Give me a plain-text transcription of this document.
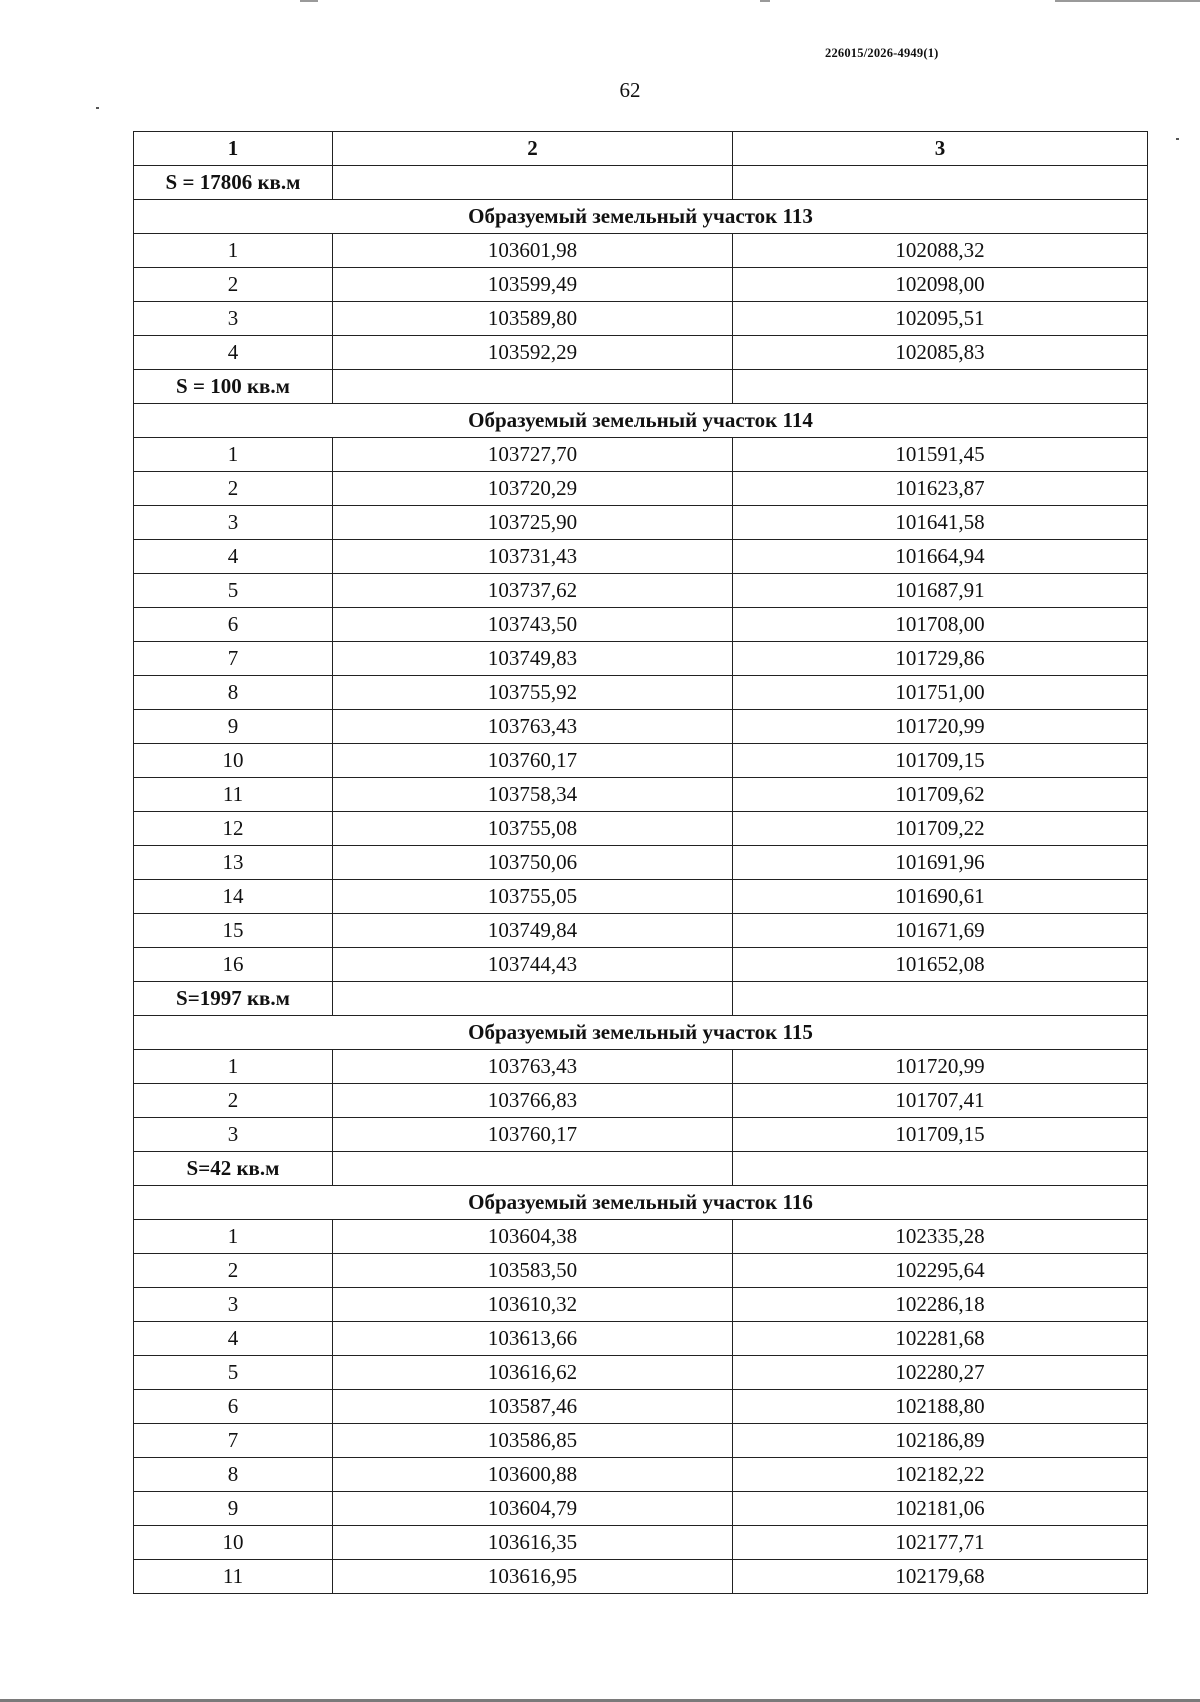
226015/2026-4949(1)
62
1	2	3
S = 17806 кв.м		
Образуемый земельный участок 113		
1	103601,98	102088,32
2	103599,49	102098,00
3	103589,80	102095,51
4	103592,29	102085,83
S = 100 кв.м		
Образуемый земельный участок 114		
1	103727,70	101591,45
2	103720,29	101623,87
3	103725,90	101641,58
4	103731,43	101664,94
5	103737,62	101687,91
6	103743,50	101708,00
7	103749,83	101729,86
8	103755,92	101751,00
9	103763,43	101720,99
10	103760,17	101709,15
11	103758,34	101709,62
12	103755,08	101709,22
13	103750,06	101691,96
14	103755,05	101690,61
15	103749,84	101671,69
16	103744,43	101652,08
S=1997 кв.м		
Образуемый земельный участок 115		
1	103763,43	101720,99
2	103766,83	101707,41
3	103760,17	101709,15
S=42 кв.м		
Образуемый земельный участок 116		
1	103604,38	102335,28
2	103583,50	102295,64
3	103610,32	102286,18
4	103613,66	102281,68
5	103616,62	102280,27
6	103587,46	102188,80
7	103586,85	102186,89
8	103600,88	102182,22
9	103604,79	102181,06
10	103616,35	102177,71
11	103616,95	102179,68
